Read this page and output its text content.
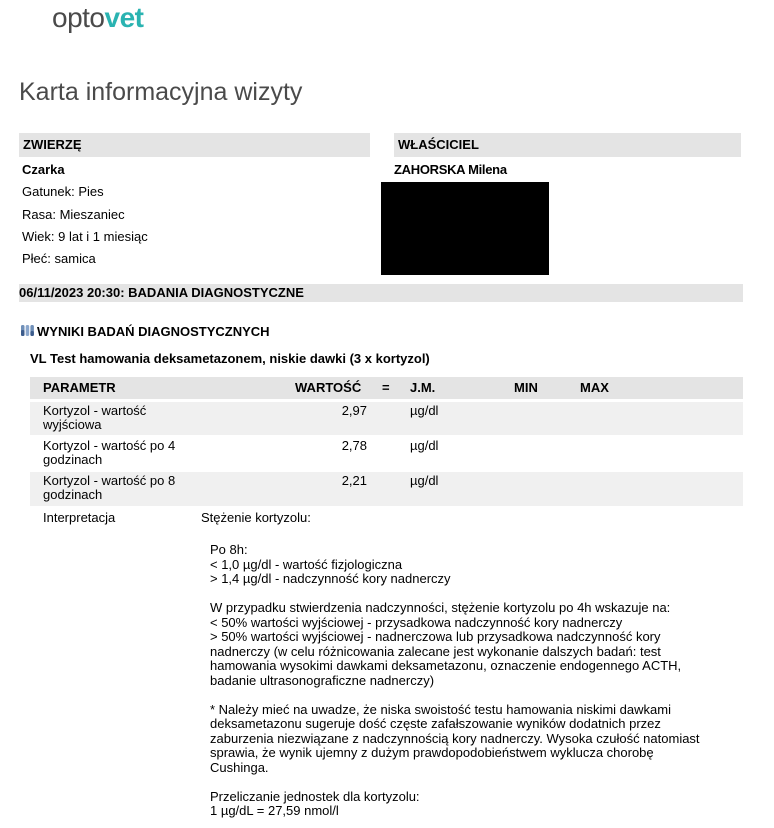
optovet
Karta informacyjna wizyty
ZWIERZĘ
Czarka
Gatunek: Pies
Rasa: Mieszaniec
Wiek: 9 lat i 1 miesiąc
Płeć: samica
WŁAŚCICIEL
ZAHORSKA Milena
06/11/2023 20:30: BADANIA DIAGNOSTYCZNE
WYNIKI BADAŃ DIAGNOSTYCZNYCH
VL Test hamowania deksametazonem, niskie dawki (3 x kortyzol)
PARAMETR	WARTOŚĆ = J.M.	MIN	MAX
Kortyzol - wartość wyjściowa
2,97	µg/dl
Kortyzol - wartość po 4 godzinach
2,78	µg/dl
Kortyzol - wartość po 8 godzinach
2,21	µg/dl
Interpretacja	Stężenie kortyzolu:
Po 8h:
< 1,0 µg/dl - wartość fizjologiczna
> 1,4 µg/dl - nadczynność kory nadnerczy

W przypadku stwierdzenia nadczynności, stężenie kortyzolu po 4h wskazuje na:
< 50% wartości wyjściowej - przysadkowa nadczynność kory nadnerczy
> 50% wartości wyjściowej - nadnerczowa lub przysadkowa nadczynność kory
nadnerczy (w celu różnicowania zalecane jest wykonanie dalszych badań: test
hamowania wysokimi dawkami deksametazonu, oznaczenie endogennego ACTH,
badanie ultrasonograficzne nadnerczy)

* Należy mieć na uwadze, że niska swoistość testu hamowania niskimi dawkami
deksametazonu sugeruje dość częste zafałszowanie wyników dodatnich przez
zaburzenia niezwiązane z nadczynnością kory nadnerczy. Wysoka czułość natomiast
sprawia, że wynik ujemny z dużym prawdopodobieństwem wyklucza chorobę
Cushinga.

Przeliczanie jednostek dla kortyzolu:
1 µg/dL = 27,59 nmol/l
